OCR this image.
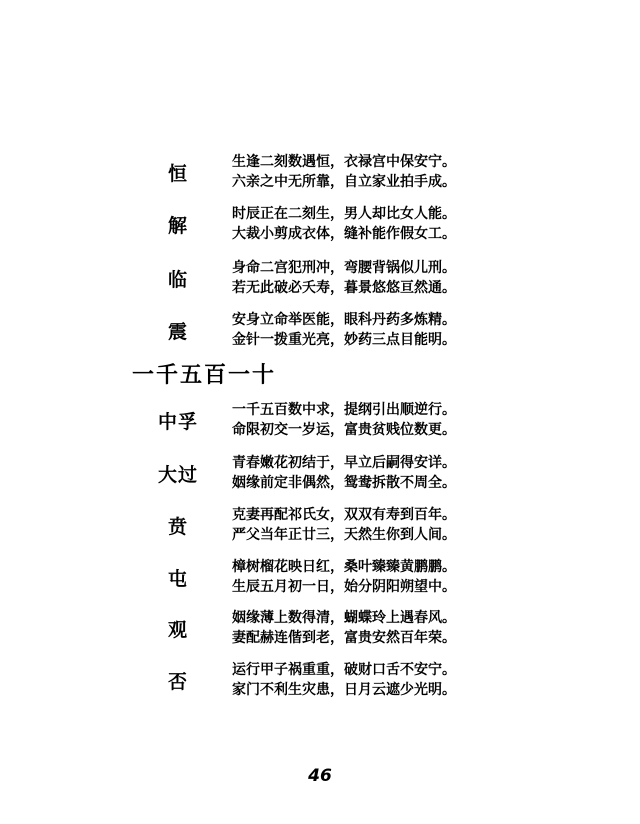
恒
生逢二刻数遇恒，衣禄宫中保安宁。
六亲之中无所靠，自立家业拍手成。
解
时辰正在二刻生，男人却比女人能。
大裁小剪成衣体，缝补能作假女工。
临
身命二宫犯刑冲，弯腰背锅似儿刑。
若无此破必夭寿，暮景悠悠亘然通。
震
安身立命举医能，眼科丹药多炼精。
金针一拨重光亮，妙药三点目能明。
一千五百一十
中孚
一千五百数中求，提纲引出顺逆行。
命限初交一岁运，富贵贫贱位数更。
大过
青春嫩花初结于，早立后嗣得安详。
姻缘前定非偶然，鸳鸯拆散不周全。
贲
克妻再配祁氏女，双双有寿到百年。
严父当年正廿三，天然生你到人间。
屯
樟树榴花映日红，桑叶臻臻黄鹏鹏。
生辰五月初一日，始分阴阳朔望中。
观
姻缘薄上数得清，蝴蝶玲上遇春风。
妻配赫连偕到老，富贵安然百年荣。
否
运行甲子祸重重，破财口舌不安宁。
家门不利生灾患，日月云遮少光明。
46
